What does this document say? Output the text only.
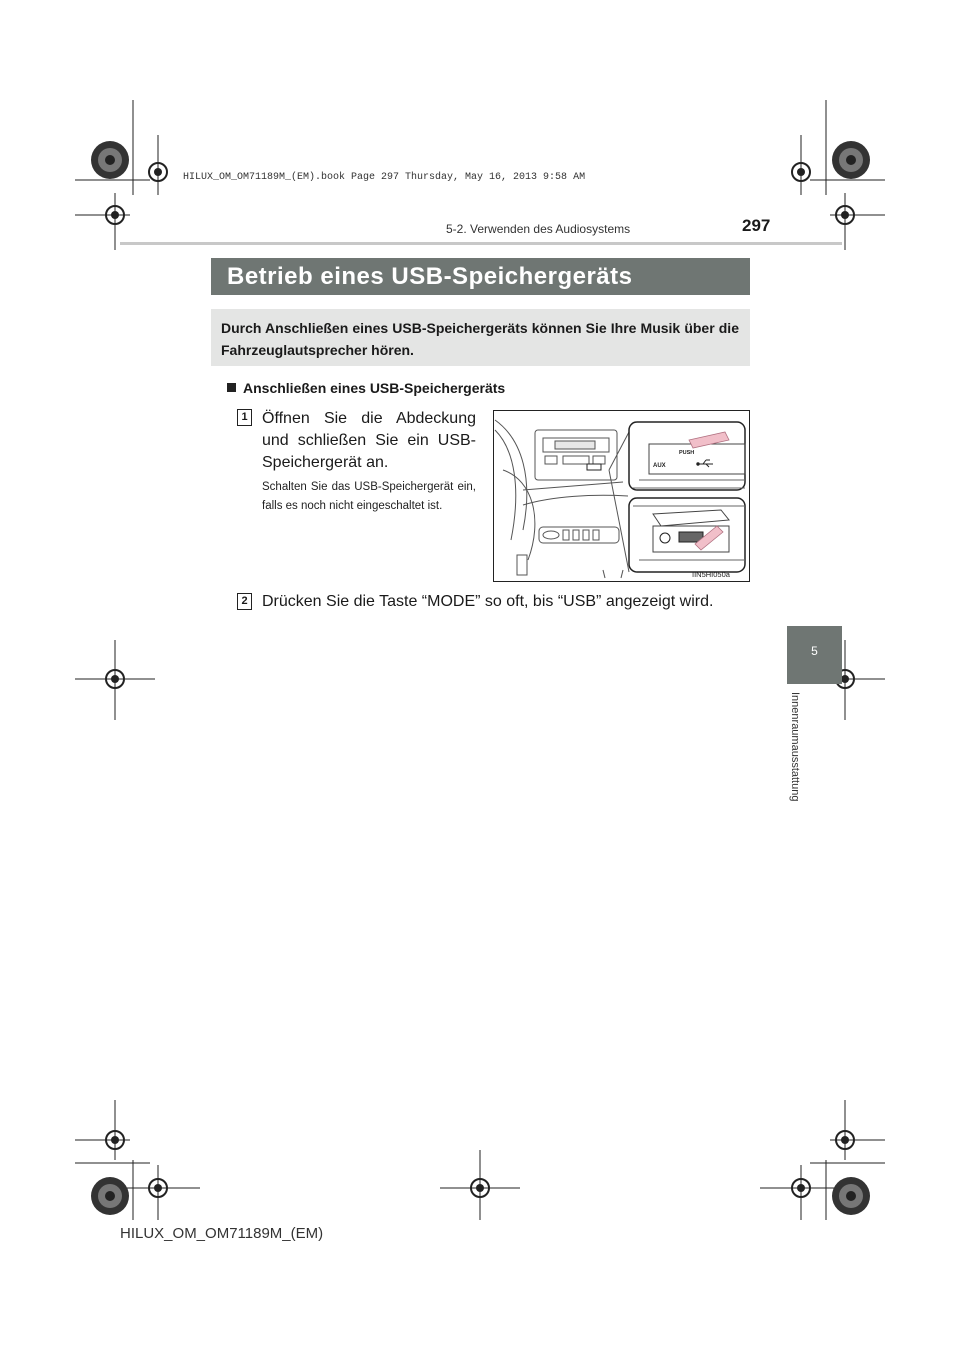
HILUX_OM_OM71189M_(EM).book Page 297 Thursday, May 16, 2013 9:58 AM
5-2. Verwenden des Audiosystems	297
Betrieb eines USB-Speichergeräts
Durch Anschließen eines USB-Speichergeräts können Sie Ihre Musik über die Fahrzeuglautsprecher hören.
Anschließen eines USB-Speichergeräts
1 Öffnen Sie die Abdeckung und schließen Sie ein USB-Speichergerät an.
Schalten Sie das USB-Speichergerät ein, falls es noch nicht eingeschaltet ist.
PUSH
AUX
IIN5HI050a
2 Drücken Sie die Taste “MODE” so oft, bis “USB” angezeigt wird.
5
Innenraumausstattung
HILUX_OM_OM71189M_(EM)
